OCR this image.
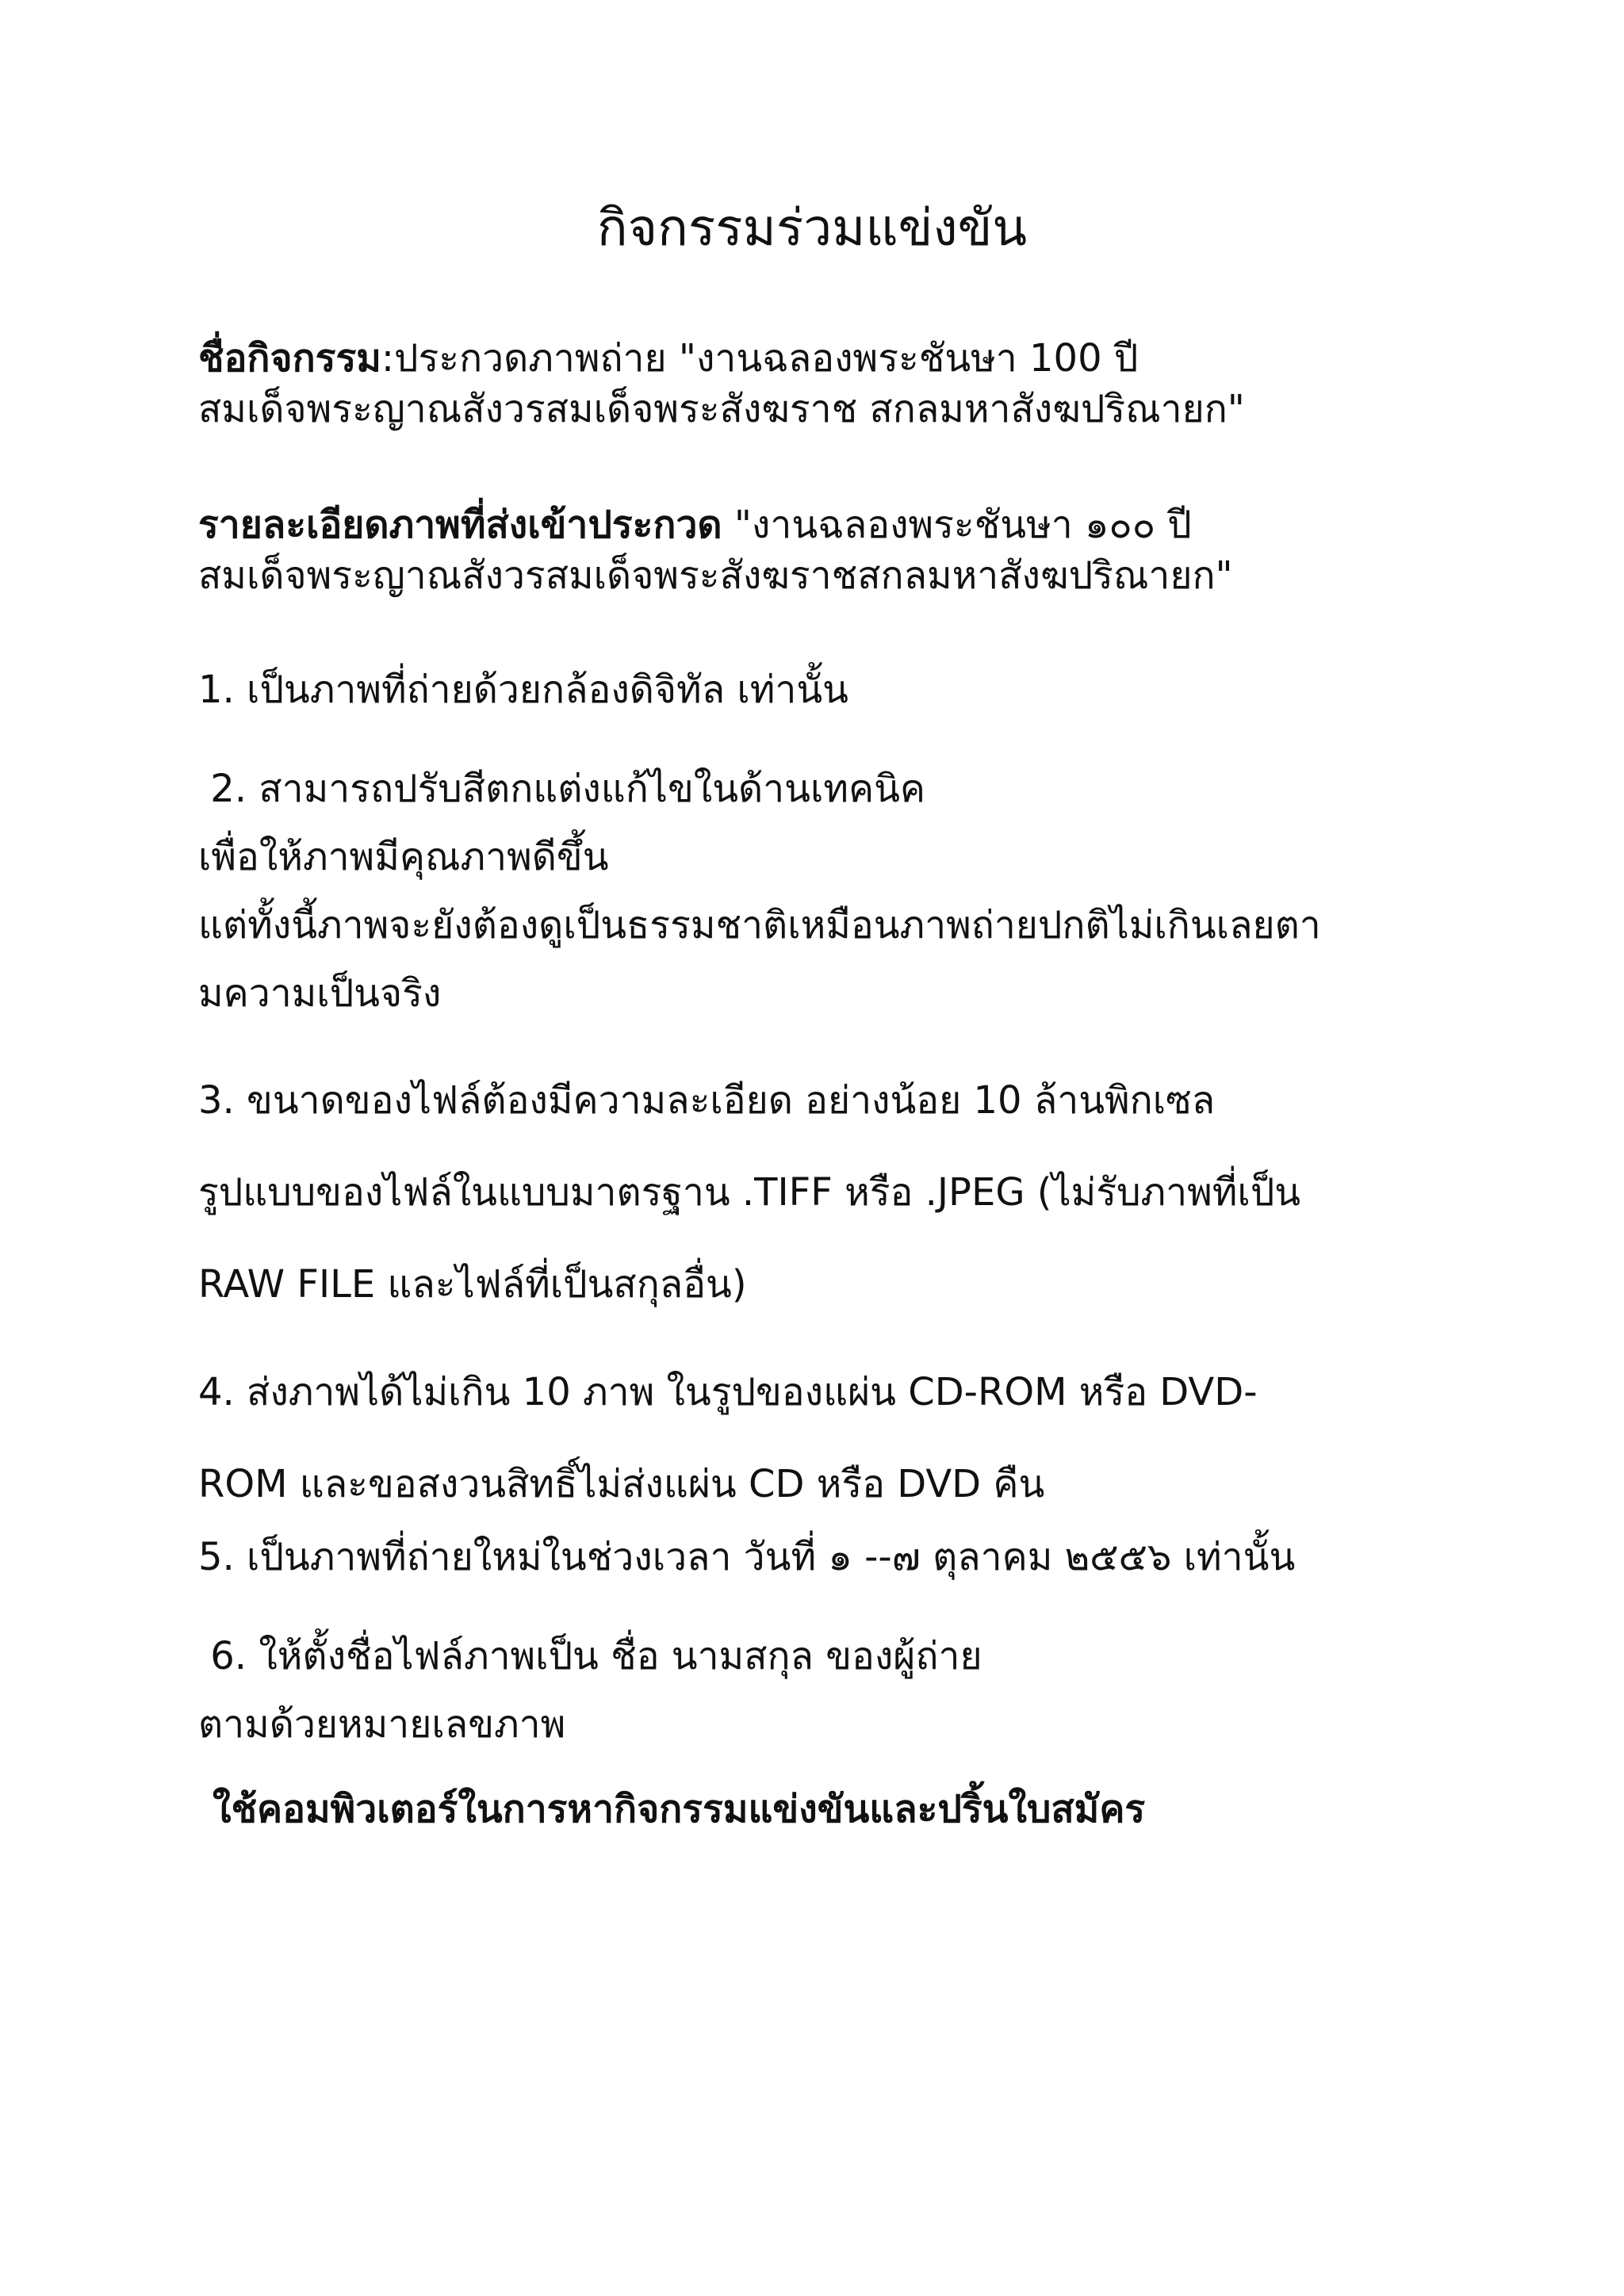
กิจกรรมร่วมแข่งขัน

ชื่อกิจกรรม:ประกวดภาพถ่าย "งานฉลองพระชันษา 100 ปี
สมเด็จพระญาณสังวรสมเด็จพระสังฆราช สกลมหาสังฆปริณายก"

รายละเอียดภาพที่ส่งเข้าประกวด "งานฉลองพระชันษา ๑๐๐ ปี
สมเด็จพระญาณสังวรสมเด็จพระสังฆราชสกลมหาสังฆปริณายก"

1. เป็นภาพที่ถ่ายด้วยกล้องดิจิทัล เท่านั้น

2. สามารถปรับสีตกแต่งแก้ไขในด้านเทคนิค
เพื่อให้ภาพมีคุณภาพดีขึ้น
แต่ทั้งนี้ภาพจะยังต้องดูเป็นธรรมชาติเหมือนภาพถ่ายปกติไม่เกินเลยตา
มความเป็นจริง

3. ขนาดของไฟล์ต้องมีความละเอียด อย่างน้อย 10 ล้านพิกเซล
รูปแบบของไฟล์ในแบบมาตรฐาน .TIFF หรือ .JPEG (ไม่รับภาพที่เป็น
RAW FILE และไฟล์ที่เป็นสกุลอื่น)

4. ส่งภาพได้ไม่เกิน 10 ภาพ ในรูปของแผ่น CD-ROM หรือ DVD-
ROM และขอสงวนสิทธิ์ไม่ส่งแผ่น CD หรือ DVD คืน

5. เป็นภาพที่ถ่ายใหม่ในช่วงเวลา วันที่ ๑ --๗ ตุลาคม ๒๕๕๖ เท่านั้น

6. ให้ตั้งชื่อไฟล์ภาพเป็น ชื่อ นามสกุล ของผู้ถ่าย
ตามด้วยหมายเลขภาพ

ใช้คอมพิวเตอร์ในการหากิจกรรมแข่งขันและปริ้นใบสมัคร
